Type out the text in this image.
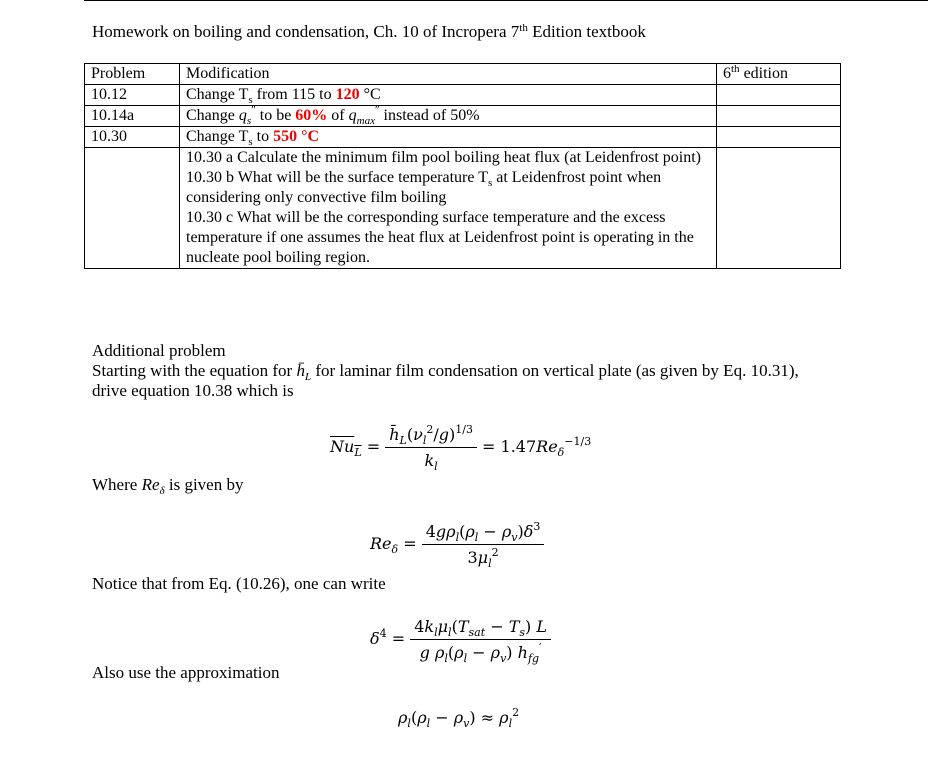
Homework on boiling and condensation, Ch. 10 of Incropera 7th Edition textbook
Problem	Modification	6th edition
10.12	Change $T_s$ from 115 to 120 °C	
10.14a	Change $q_s''$ to be 60% of $q_{max}''$ instead of 50%	
10.30	Change $T_s$ to 550 °C	

	10.30 a Calculate the minimum film pool boiling heat flux (at Leidenfrost point)
10.30 b What will be the surface temperature $T_s$ at Leidenfrost point when considering only convective film boiling
10.30 c What will be the corresponding surface temperature and the excess temperature if one assumes the heat flux at Leidenfrost point is operating in the nucleate pool boiling region.	

Additional problem
Starting with the equation for $h̄_L$ for laminar film condensation on vertical plate (as given by Eq. 10.31), drive equation 10.38 which is
$Nu_L = \frac{h̄_L(\nu_l^2/g)^{1/3}}{k_l} = 1.47Re_\delta^{-1/3}$
Where $Re_\delta$ is given by
$Re_\delta = \frac{4g\rho_l(\rho_l - \rho_v)\delta^3}{3\mu_l^2}$
Notice that from Eq. (10.26), one can write
$\delta^4 = \frac{4k_l\mu_l(T_{sat} - T_s) L}{g \rho_l(\rho_l - \rho_v) h_{fg}'}$
Also use the approximation
$\rho_l(\rho_l - \rho_v) \approx \rho_l^2$
